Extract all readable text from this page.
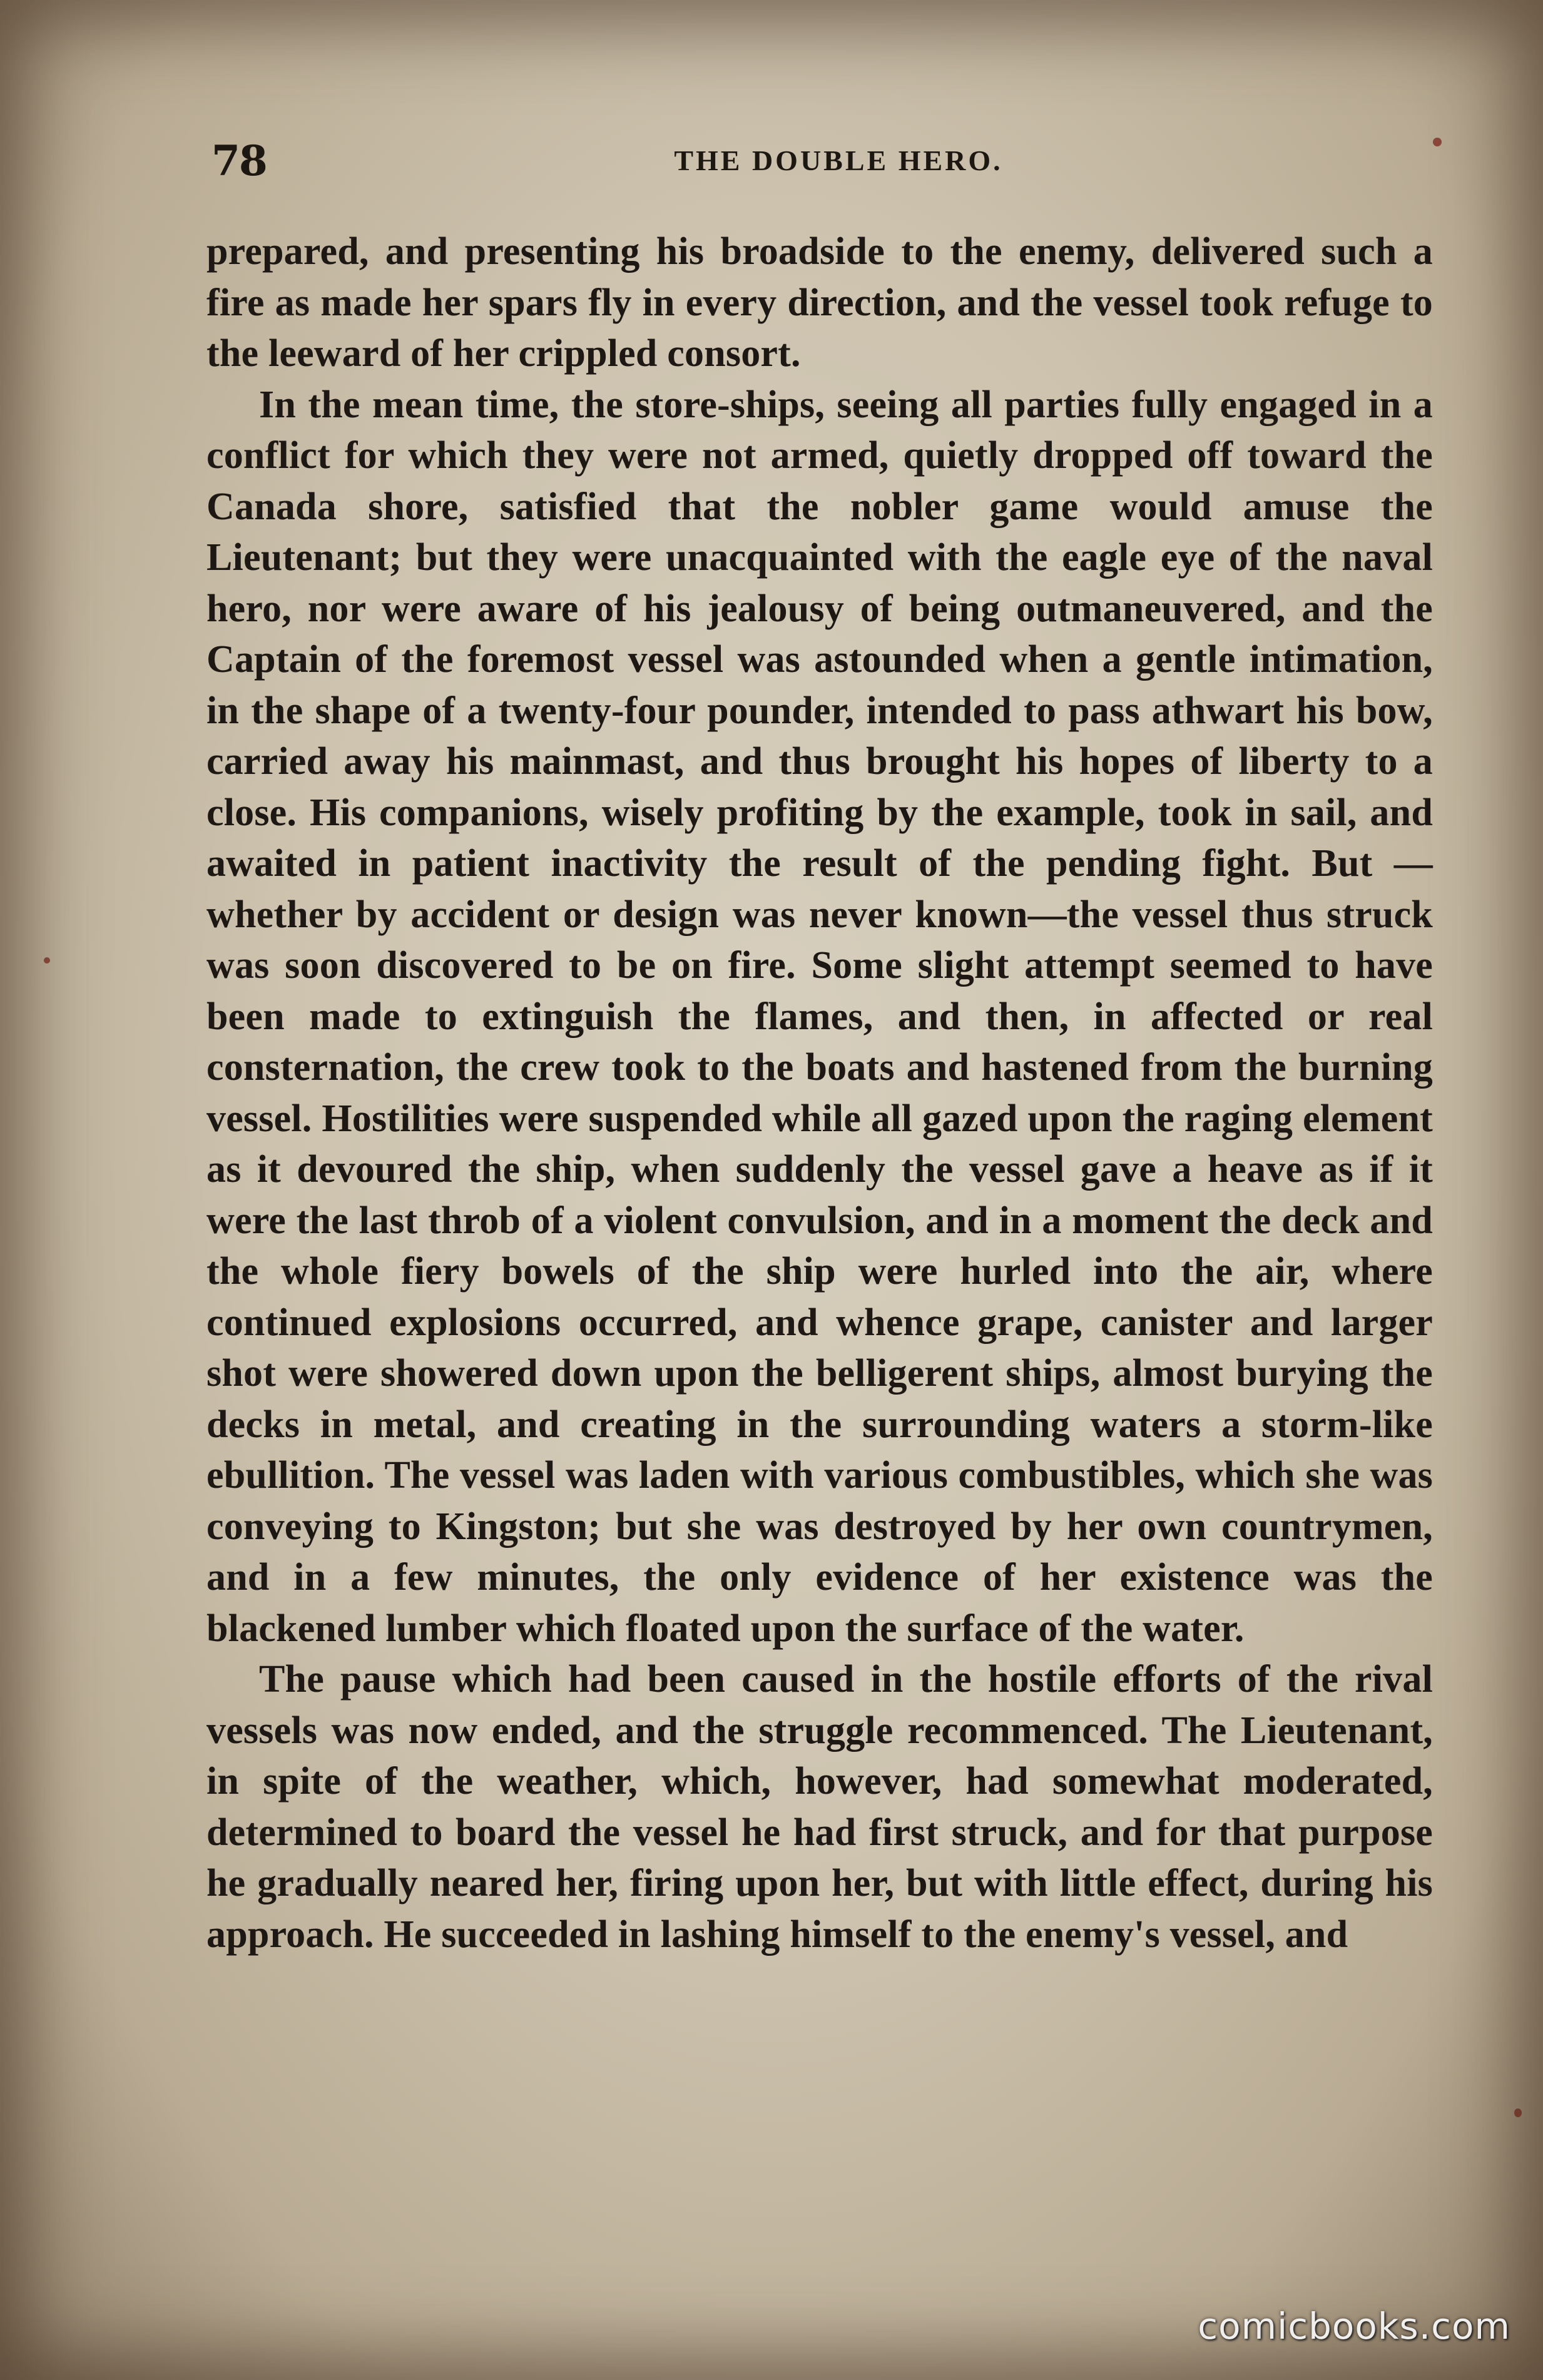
78	THE DOUBLE HERO.

prepared, and presenting his broadside to the enemy, delivered such a fire as made her spars fly in every direction, and the vessel took refuge to the leeward of her crippled consort.

In the mean time, the store-ships, seeing all parties fully engaged in a conflict for which they were not armed, quietly dropped off toward the Canada shore, satisfied that the nobler game would amuse the Lieutenant; but they were unacquainted with the eagle eye of the naval hero, nor were aware of his jealousy of being outmaneuvered, and the Captain of the foremost vessel was astounded when a gentle intimation, in the shape of a twenty-four pounder, intended to pass athwart his bow, carried away his mainmast, and thus brought his hopes of liberty to a close. His companions, wisely profiting by the example, took in sail, and awaited in patient inactivity the result of the pending fight. But —whether by accident or design was never known—the vessel thus struck was soon discovered to be on fire. Some slight attempt seemed to have been made to extinguish the flames, and then, in affected or real consternation, the crew took to the boats and hastened from the burning vessel. Hostilities were suspended while all gazed upon the raging element as it devoured the ship, when suddenly the vessel gave a heave as if it were the last throb of a violent convulsion, and in a moment the deck and the whole fiery bowels of the ship were hurled into the air, where continued explosions occurred, and whence grape, canister and larger shot were showered down upon the belligerent ships, almost burying the decks in metal, and creating in the surrounding waters a storm-like ebullition. The vessel was laden with various combustibles, which she was conveying to Kingston; but she was destroyed by her own countrymen, and in a few minutes, the only evidence of her existence was the blackened lumber which floated upon the surface of the water.

The pause which had been caused in the hostile efforts of the rival vessels was now ended, and the struggle recommenced. The Lieutenant, in spite of the weather, which, however, had somewhat moderated, determined to board the vessel he had first struck, and for that purpose he gradually neared her, firing upon her, but with little effect, during his approach. He succeeded in lashing himself to the enemy's vessel, and

comicbooks.com
